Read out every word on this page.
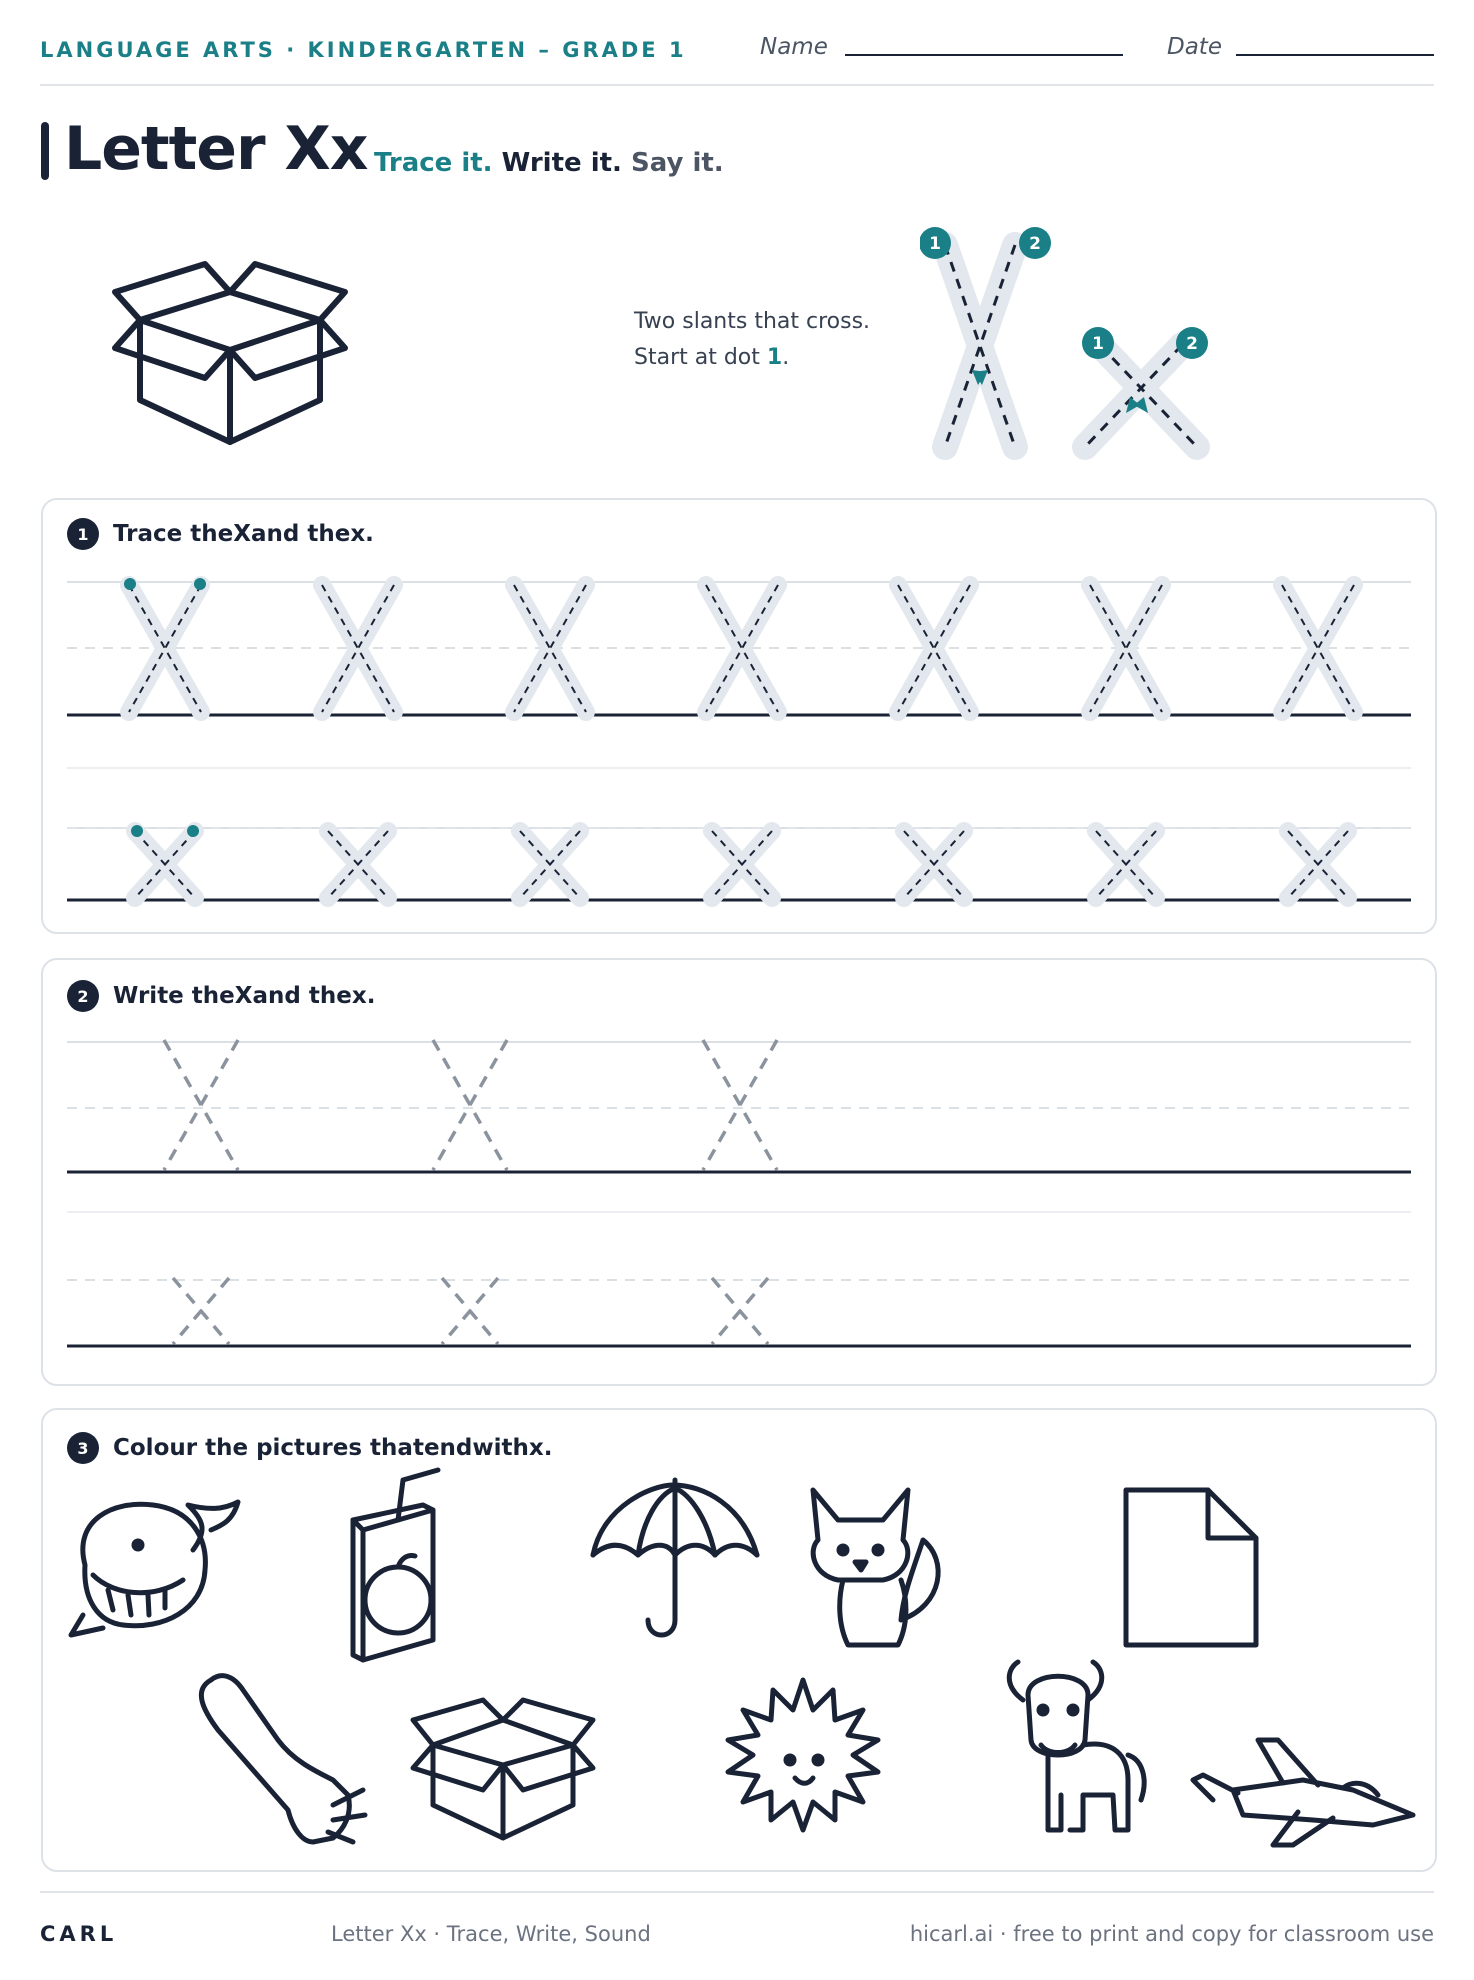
LANGUAGE ARTS · KINDERGARTEN – GRADE 1	Name	Date
Letter Xx Trace it. Write it. Say it.
Two slants that cross.
Start at dot 1.
1	2
1	2
1	Trace the X and the x .
2	Write the X and the x .
3	Colour the pictures that end with x .
CARL	Letter Xx · Trace, Write, Sound	hicarl.ai · free to print and copy for classroom use
